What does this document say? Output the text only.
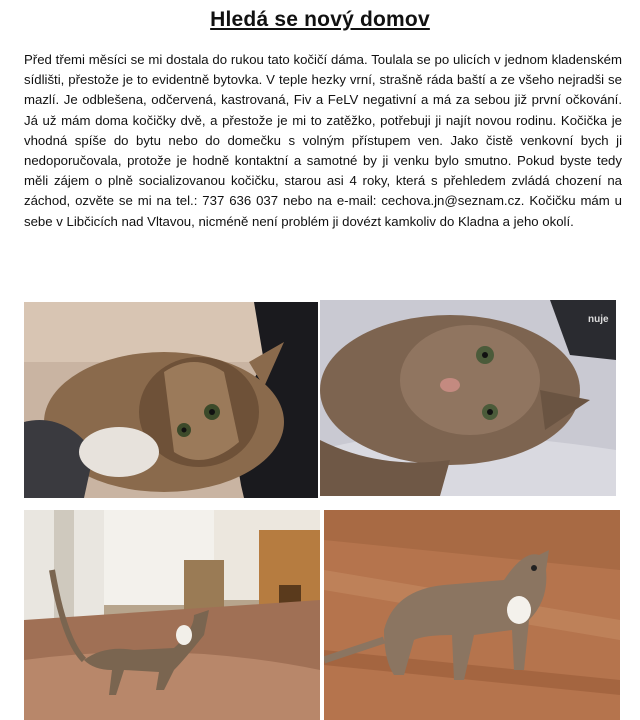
Hledá se nový domov

Před třemi měsíci se mi dostala do rukou tato kočičí dáma. Toulala se po ulicích v jednom kladenském sídlišti, přestože je to evidentně bytovka. V teple hezky vrní, strašně ráda baští a ze všeho nejradši se mazlí. Je odblešena, odčervená, kastrovaná, Fiv a FeLV negativní a má za sebou již první očkování. Já už mám doma kočičky dvě, a přestože je mi to zatěžko, potřebuji ji najít novou rodinu. Kočička je vhodná spíše do bytu nebo do domečku s volným přístupem ven. Jako čistě venkovní bych ji nedoporučovala, protože je hodně kontaktní a samotné by ji venku bylo smutno. Pokud byste tedy měli zájem o plně socializovanou kočičku, starou asi 4 roky, která s přehledem zvládá chození na záchod, ozvěte se mi na tel.: 737 636 037 nebo na e-mail: cechova.jn@seznam.cz. Kočičku mám u sebe v Libčicích nad Vltavou, nicméně není problém ji dovézt kamkoliv do Kladna a jeho okolí.

nuje
